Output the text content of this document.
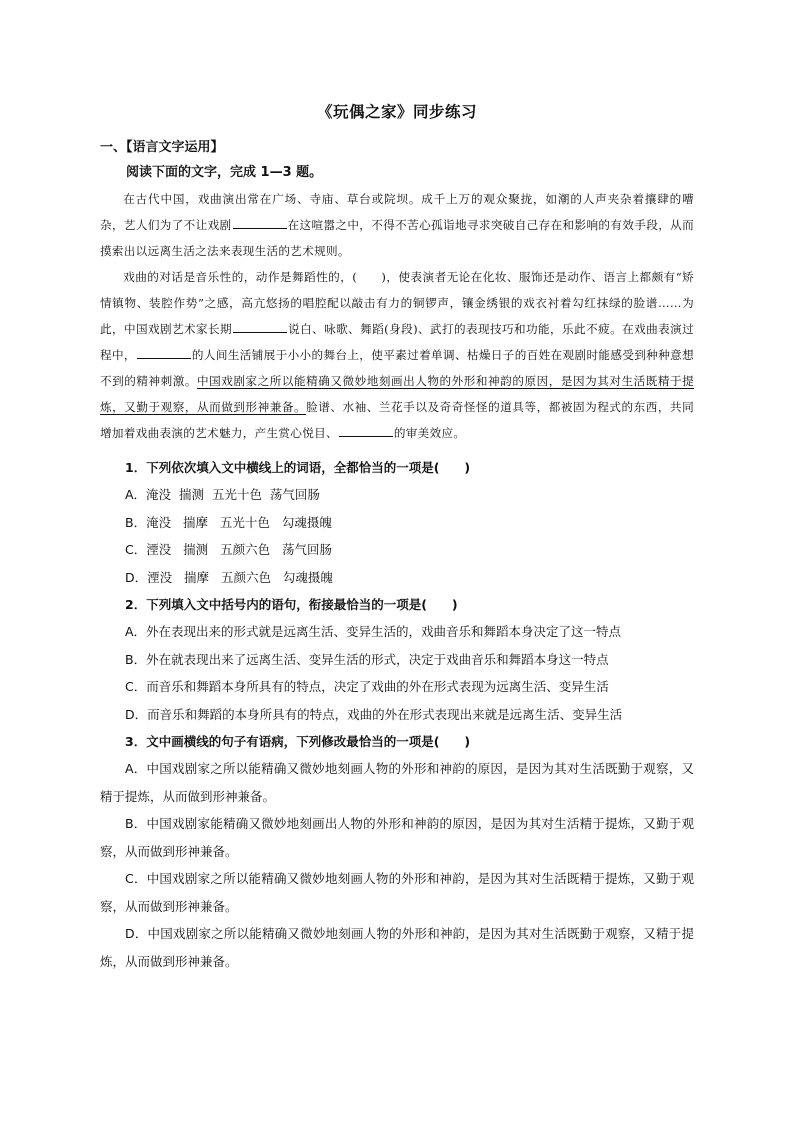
《玩偶之家》同步练习
一、【语言文字运用】
阅读下面的文字，完成 1—3 题。

在古代中国，戏曲演出常在广场、寺庙、草台或院坝。成千上万的观众聚拢，如潮的人声夹杂着攘肆的嘈杂，艺人们为了不让戏剧	在这喧嚣之中，不得不苦心孤诣地寻求突破自己存在和影响的有效手段，从而摸索出以远离生活之法来表现生活的艺术规则。

戏曲的对话是音乐性的，动作是舞蹈性的，(　　)，使表演者无论在化妆、服饰还是动作、语言上都颇有“矫情镇物、装腔作势”之感，高亢悠扬的唱腔配以敲击有力的铜锣声，镶金绣银的戏衣衬着勾红抹绿的脸谱……为此，中国戏剧艺术家长期	说白、咏歌、舞蹈(身段)、武打的表现技巧和功能，乐此不疲。在戏曲表演过程中，	的人间生活铺展于小小的舞台上，使平素过着单调、枯燥日子的百姓在观剧时能感受到种种意想不到的精神刺激。中国戏剧家之所以能精确又微妙地刻画出人物的外形和神韵的原因，是因为其对生活既精于提炼，又勤于观察，从而做到形神兼备。脸谱、水袖、兰花手以及奇奇怪怪的道具等，都被固为程式的东西，共同增加着戏曲表演的艺术魅力，产生赏心悦目、	的审美效应。

1．下列依次填入文中横线上的词语，全都恰当的一项是(　　)
A．淹没  揣测  五光十色  荡气回肠
B．淹没   揣摩   五光十色   勾魂摄魄
C．湮没   揣测   五颜六色   荡气回肠
D．湮没   揣摩   五颜六色   勾魂摄魄
2．下列填入文中括号内的语句，衔接最恰当的一项是(　　)
A．外在表现出来的形式就是远离生活、变异生活的，戏曲音乐和舞蹈本身决定了这一特点
B．外在就表现出来了远离生活、变异生活的形式，决定于戏曲音乐和舞蹈本身这一特点
C．而音乐和舞蹈本身所具有的特点，决定了戏曲的外在形式表现为远离生活、变异生活
D．而音乐和舞蹈的本身所具有的特点，戏曲的外在形式表现出来就是远离生活、变异生活
3．文中画横线的句子有语病，下列修改最恰当的一项是(　　)
A．中国戏剧家之所以能精确又微妙地刻画人物的外形和神韵的原因，是因为其对生活既勤于观察，又精于提炼，从而做到形神兼备。
B．中国戏剧家能精确又微妙地刻画出人物的外形和神韵的原因，是因为其对生活精于提炼，又勤于观察，从而做到形神兼备。
C．中国戏剧家之所以能精确又微妙地刻画人物的外形和神韵，是因为其对生活既精于提炼，又勤于观察，从而做到形神兼备。
D．中国戏剧家之所以能精确又微妙地刻画人物的外形和神韵，是因为其对生活既勤于观察，又精于提炼，从而做到形神兼备。
